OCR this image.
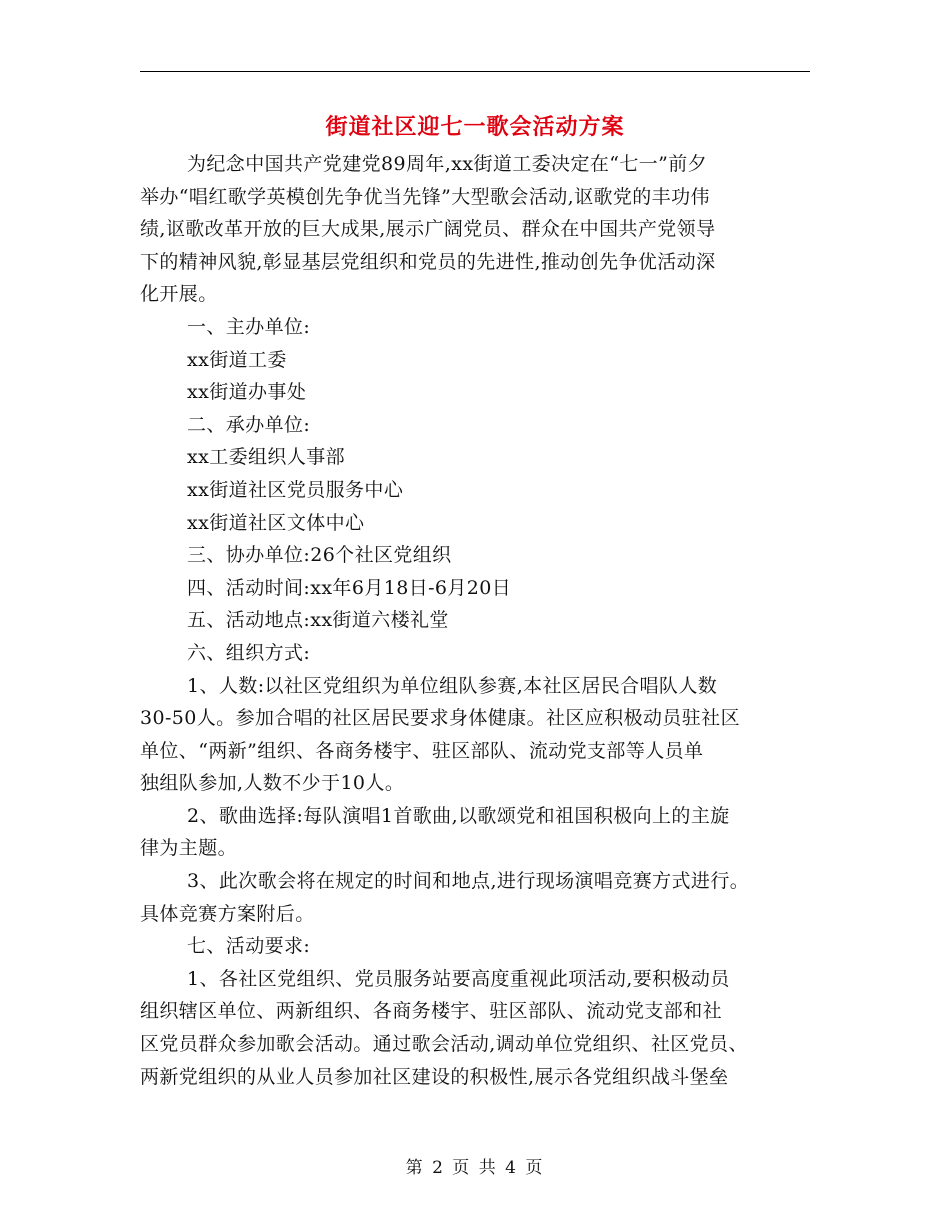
街道社区迎七一歌会活动方案
为纪念中国共产党建党89周年,xx街道工委决定在“七一”前夕
举办“唱红歌学英模创先争优当先锋”大型歌会活动,讴歌党的丰功伟
绩,讴歌改革开放的巨大成果,展示广阔党员、群众在中国共产党领导
下的精神风貌,彰显基层党组织和党员的先进性,推动创先争优活动深
化开展。
一、主办单位:
xx街道工委
xx街道办事处
二、承办单位:
xx工委组织人事部
xx街道社区党员服务中心
xx街道社区文体中心
三、协办单位:26个社区党组织
四、活动时间:xx年6月18日-6月20日
五、活动地点:xx街道六楼礼堂
六、组织方式:
1、人数:以社区党组织为单位组队参赛,本社区居民合唱队人数
30-50人。参加合唱的社区居民要求身体健康。社区应积极动员驻社区
单位、“两新”组织、各商务楼宇、驻区部队、流动党支部等人员单
独组队参加,人数不少于10人。
2、歌曲选择:每队演唱1首歌曲,以歌颂党和祖国积极向上的主旋
律为主题。
3、此次歌会将在规定的时间和地点,进行现场演唱竞赛方式进行。
具体竞赛方案附后。
七、活动要求:
1、各社区党组织、党员服务站要高度重视此项活动,要积极动员
组织辖区单位、两新组织、各商务楼宇、驻区部队、流动党支部和社
区党员群众参加歌会活动。通过歌会活动,调动单位党组织、社区党员、
两新党组织的从业人员参加社区建设的积极性,展示各党组织战斗堡垒
第 2 页 共 4 页
